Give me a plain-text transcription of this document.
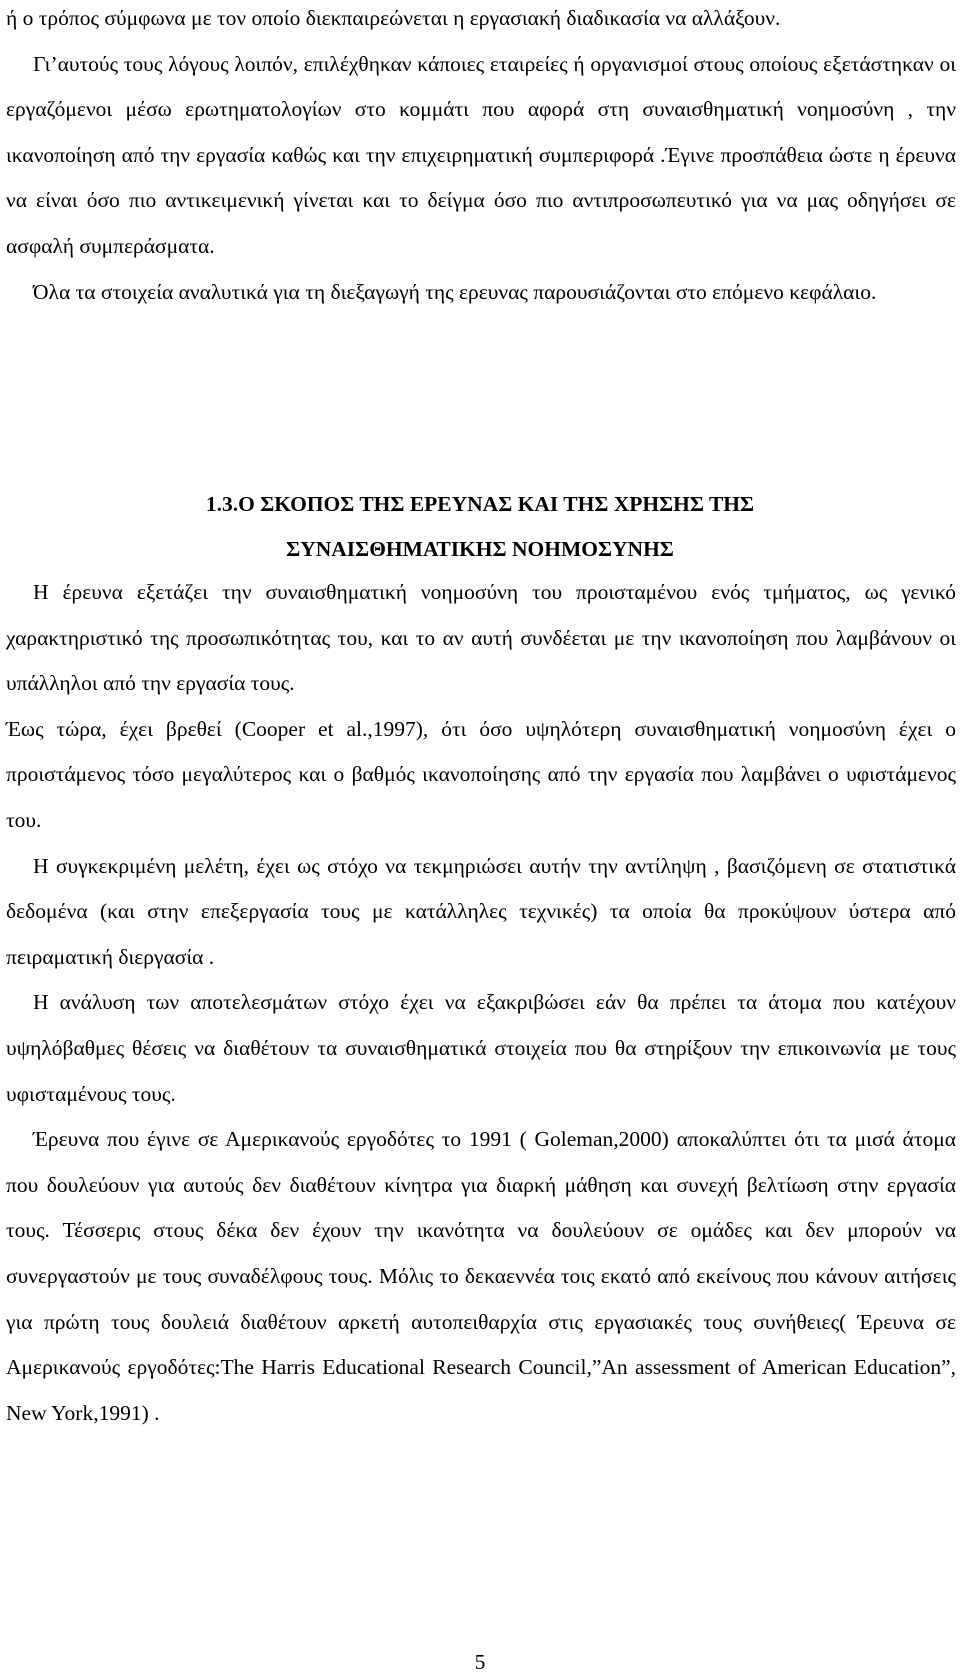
ή ο τρόπος σύμφωνα με τον οποίο διεκπαιρεώνεται η εργασιακή διαδικασία να αλλάξουν.

Γι’αυτούς τους λόγους λοιπόν, επιλέχθηκαν κάποιες εταιρείες ή οργανισμοί στους οποίους εξετάστηκαν οι εργαζόμενοι μέσω ερωτηματολογίων στο κομμάτι που αφορά στη συναισθηματική νοημοσύνη , την ικανοποίηση από την εργασία καθώς και την επιχειρηματική συμπεριφορά .Έγινε προσπάθεια ώστε η έρευνα να είναι όσο πιο αντικειμενική γίνεται και το δείγμα όσο πιο αντιπροσωπευτικό για να μας οδηγήσει σε ασφαλή συμπεράσματα.

Όλα τα στοιχεία αναλυτικά για τη διεξαγωγή της ερευνας παρουσιάζονται στο επόμενο κεφάλαιο.

1.3.Ο ΣΚΟΠΟΣ ΤΗΣ ΕΡΕΥΝΑΣ ΚΑΙ ΤΗΣ ΧΡΗΣΗΣ ΤΗΣ
ΣΥΝΑΙΣΘΗΜΑΤΙΚΗΣ ΝΟΗΜΟΣΥΝΗΣ

Η έρευνα εξετάζει την συναισθηματική νοημοσύνη του προισταμένου ενός τμήματος, ως γενικό χαρακτηριστικό της προσωπικότητας του, και το αν αυτή συνδέεται με την ικανοποίηση που λαμβάνουν οι υπάλληλοι από την εργασία τους.

Έως τώρα, έχει βρεθεί (Cooper et al.,1997), ότι όσο υψηλότερη συναισθηματική νοημοσύνη έχει ο προιστάμενος τόσο μεγαλύτερος και ο βαθμός ικανοποίησης από την εργασία που λαμβάνει ο υφιστάμενος του.

Η συγκεκριμένη μελέτη, έχει ως στόχο να τεκμηριώσει αυτήν την αντίληψη , βασιζόμενη σε στατιστικά δεδομένα (και στην επεξεργασία τους με κατάλληλες τεχνικές) τα οποία θα προκύψουν ύστερα από πειραματική διεργασία .

Η ανάλυση των αποτελεσμάτων στόχο έχει να εξακριβώσει εάν θα πρέπει τα άτομα που κατέχουν υψηλόβαθμες θέσεις να διαθέτουν τα συναισθηματικά στοιχεία που θα στηρίξουν την επικοινωνία με τους υφισταμένους τους.

Έρευνα που έγινε σε Αμερικανούς εργοδότες το 1991 ( Goleman,2000) αποκαλύπτει ότι τα μισά άτομα που δουλεύουν για αυτούς δεν διαθέτουν κίνητρα για διαρκή μάθηση και συνεχή βελτίωση στην εργασία τους. Τέσσερις στους δέκα δεν έχουν την ικανότητα να δουλεύουν σε ομάδες και δεν μπορούν να συνεργαστούν με τους συναδέλφους τους. Μόλις το δεκαεννέα τοις εκατό από εκείνους που κάνουν αιτήσεις για πρώτη τους δουλειά διαθέτουν αρκετή αυτοπειθαρχία στις εργασιακές τους συνήθειες( Έρευνα σε Αμερικανούς εργοδότες:The Harris Educational Research Council,”An assessment of American Education”, New York,1991) .

5
